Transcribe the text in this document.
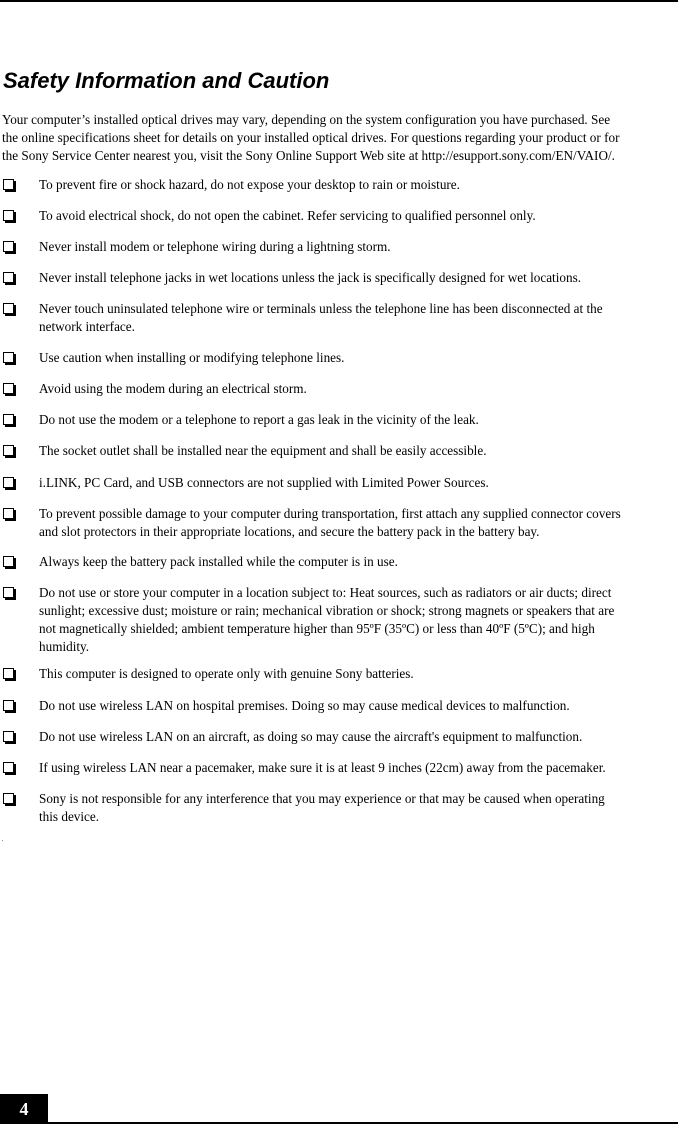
Safety Information and Caution

Your computer’s installed optical drives may vary, depending on the system configuration you have purchased. See
the online specifications sheet for details on your installed optical drives. For questions regarding your product or for
the Sony Service Center nearest you, visit the Sony Online Support Web site at http://esupport.sony.com/EN/VAIO/.

To prevent fire or shock hazard, do not expose your desktop to rain or moisture.
To avoid electrical shock, do not open the cabinet. Refer servicing to qualified personnel only.
Never install modem or telephone wiring during a lightning storm.
Never install telephone jacks in wet locations unless the jack is specifically designed for wet locations.
Never touch uninsulated telephone wire or terminals unless the telephone line has been disconnected at the
network interface.
Use caution when installing or modifying telephone lines.
Avoid using the modem during an electrical storm.
Do not use the modem or a telephone to report a gas leak in the vicinity of the leak.
The socket outlet shall be installed near the equipment and shall be easily accessible.
i.LINK, PC Card, and USB connectors are not supplied with Limited Power Sources.
To prevent possible damage to your computer during transportation, first attach any supplied connector covers
and slot protectors in their appropriate locations, and secure the battery pack in the battery bay.
Always keep the battery pack installed while the computer is in use.
Do not use or store your computer in a location subject to: Heat sources, such as radiators or air ducts; direct
sunlight; excessive dust; moisture or rain; mechanical vibration or shock; strong magnets or speakers that are
not magnetically shielded; ambient temperature higher than 95ºF (35ºC) or less than 40ºF (5ºC); and high
humidity.
This computer is designed to operate only with genuine Sony batteries.
Do not use wireless LAN on hospital premises. Doing so may cause medical devices to malfunction.
Do not use wireless LAN on an aircraft, as doing so may cause the aircraft's equipment to malfunction.
If using wireless LAN near a pacemaker, make sure it is at least 9 inches (22cm) away from the pacemaker.
Sony is not responsible for any interference that you may experience or that may be caused when operating
this device.
4
